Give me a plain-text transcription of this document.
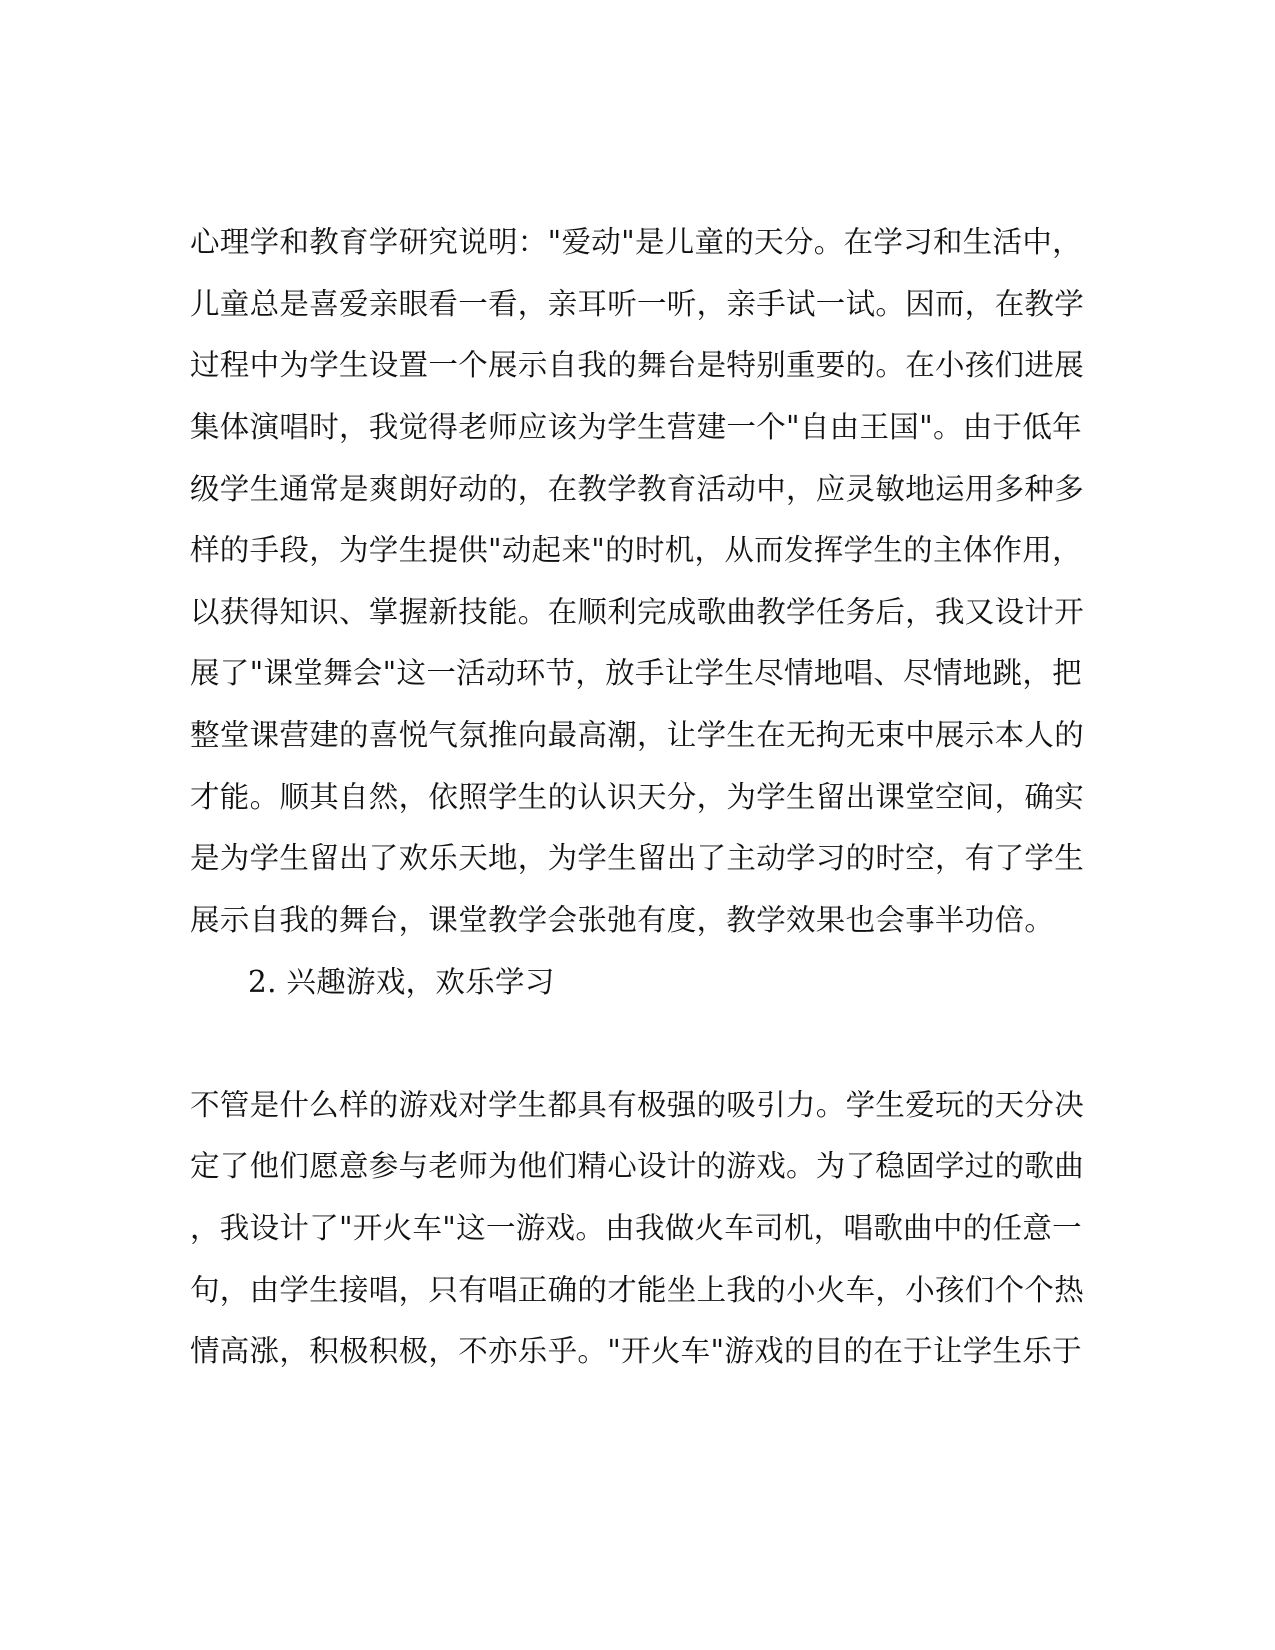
心理学和教育学研究说明："爱动"是儿童的天分。在学习和生活中，
儿童总是喜爱亲眼看一看，亲耳听一听，亲手试一试。因而，在教学
过程中为学生设置一个展示自我的舞台是特别重要的。在小孩们进展
集体演唱时，我觉得老师应该为学生营建一个"自由王国"。由于低年
级学生通常是爽朗好动的，在教学教育活动中，应灵敏地运用多种多
样的手段，为学生提供"动起来"的时机，从而发挥学生的主体作用，
以获得知识、掌握新技能。在顺利完成歌曲教学任务后，我又设计开
展了"课堂舞会"这一活动环节，放手让学生尽情地唱、尽情地跳，把
整堂课营建的喜悦气氛推向最高潮，让学生在无拘无束中展示本人的
才能。顺其自然，依照学生的认识天分，为学生留出课堂空间，确实
是为学生留出了欢乐天地，为学生留出了主动学习的时空，有了学生
展示自我的舞台，课堂教学会张弛有度，教学效果也会事半功倍。
2. 兴趣游戏，欢乐学习
不管是什么样的游戏对学生都具有极强的吸引力。学生爱玩的天分决
定了他们愿意参与老师为他们精心设计的游戏。为了稳固学过的歌曲
，我设计了"开火车"这一游戏。由我做火车司机，唱歌曲中的任意一
句，由学生接唱，只有唱正确的才能坐上我的小火车，小孩们个个热
情高涨，积极积极，不亦乐乎。"开火车"游戏的目的在于让学生乐于
